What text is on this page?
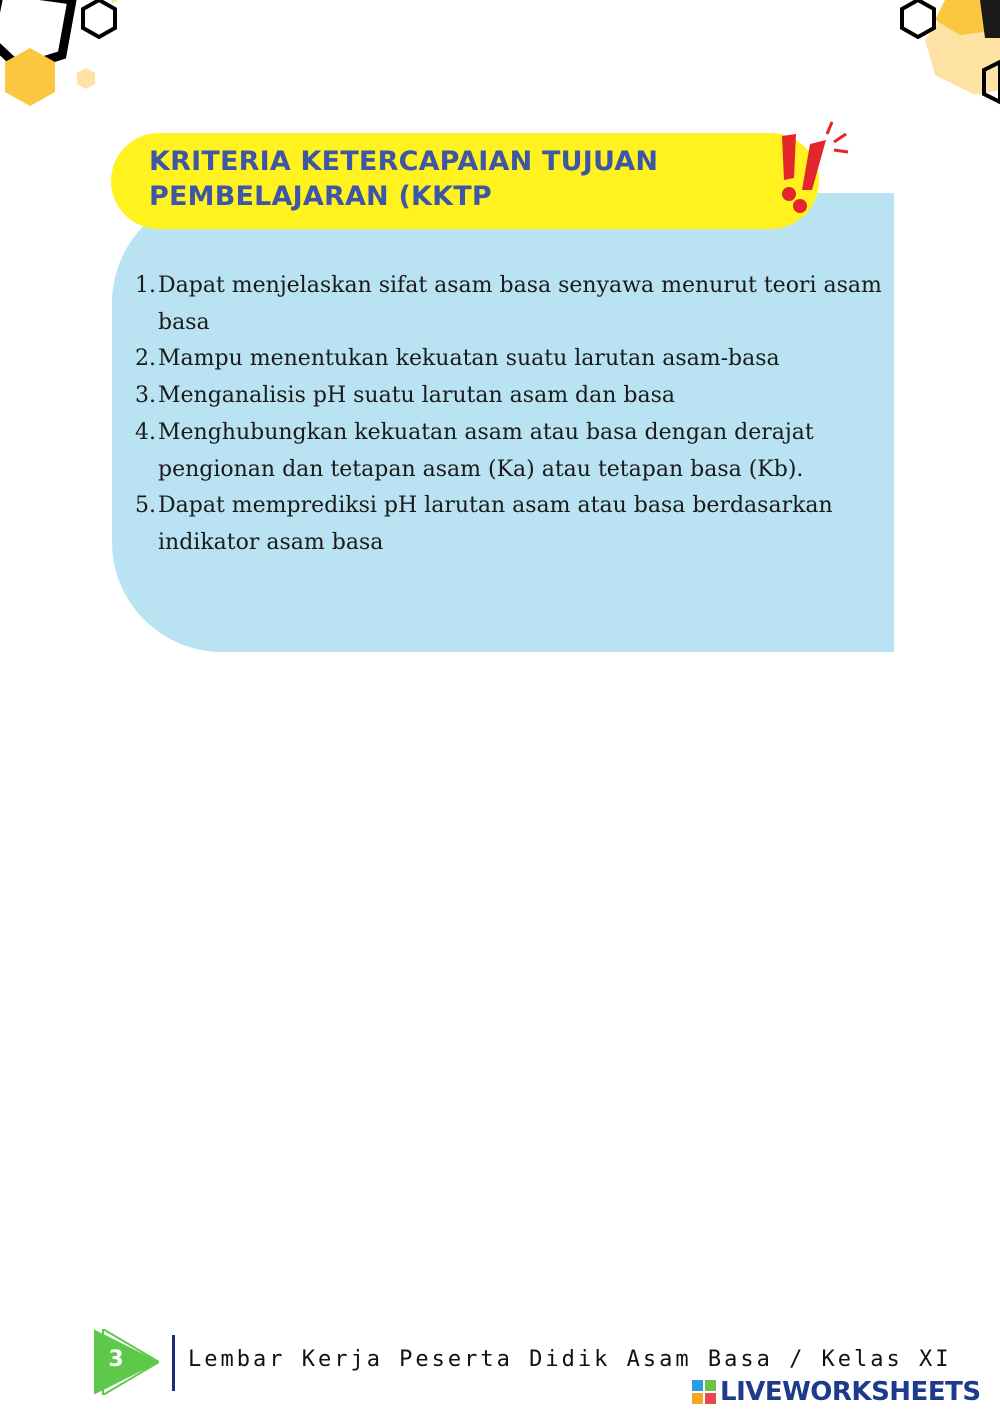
KRITERIA KETERCAPAIAN TUJUAN PEMBELAJARAN (KKTP
1. Dapat menjelaskan sifat asam basa senyawa menurut teori asam basa
2. Mampu menentukan kekuatan suatu larutan asam-basa
3. Menganalisis pH suatu larutan asam dan basa
4. Menghubungkan kekuatan asam atau basa dengan derajat pengionan dan tetapan asam (Ka) atau tetapan basa (Kb).
5. Dapat memprediksi pH larutan asam atau basa berdasarkan indikator asam basa
3	Lembar Kerja Peserta Didik Asam Basa / Kelas XI
LIVEWORKSHEETS
